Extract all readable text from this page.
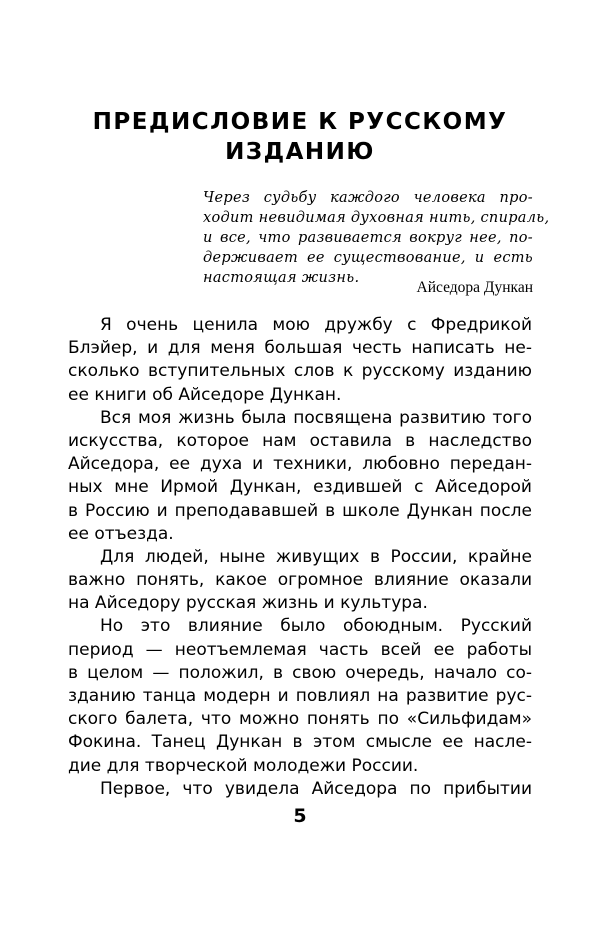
ПРЕДИСЛОВИЕ К РУССКОМУ
ИЗДАНИЮ
Через судьбу каждого человека про-
ходит невидимая духовная нить, спираль,
и все, что развивается вокруг нее, по-
держивает ее существование, и есть
настоящая жизнь.
Айседора Дункан
Я очень ценила мою дружбу с Фредрикой
Блэйер, и для меня большая честь написать не-
сколько вступительных слов к русскому изданию
ее книги об Айседоре Дункан.
Вся моя жизнь была посвящена развитию того
искусства, которое нам оставила в наследство
Айседора, ее духа и техники, любовно передан-
ных мне Ирмой Дункан, ездившей с Айседорой
в Россию и преподававшей в школе Дункан после
ее отъезда.
Для людей, ныне живущих в России, крайне
важно понять, какое огромное влияние оказали
на Айседору русская жизнь и культура.
Но это влияние было обоюдным. Русский
период — неотъемлемая часть всей ее работы
в целом — положил, в свою очередь, начало со-
зданию танца модерн и повлиял на развитие рус-
ского балета, что можно понять по «Сильфидам»
Фокина. Танец Дункан в этом смысле ее насле-
дие для творческой молодежи России.
Первое, что увидела Айседора по прибытии
5
